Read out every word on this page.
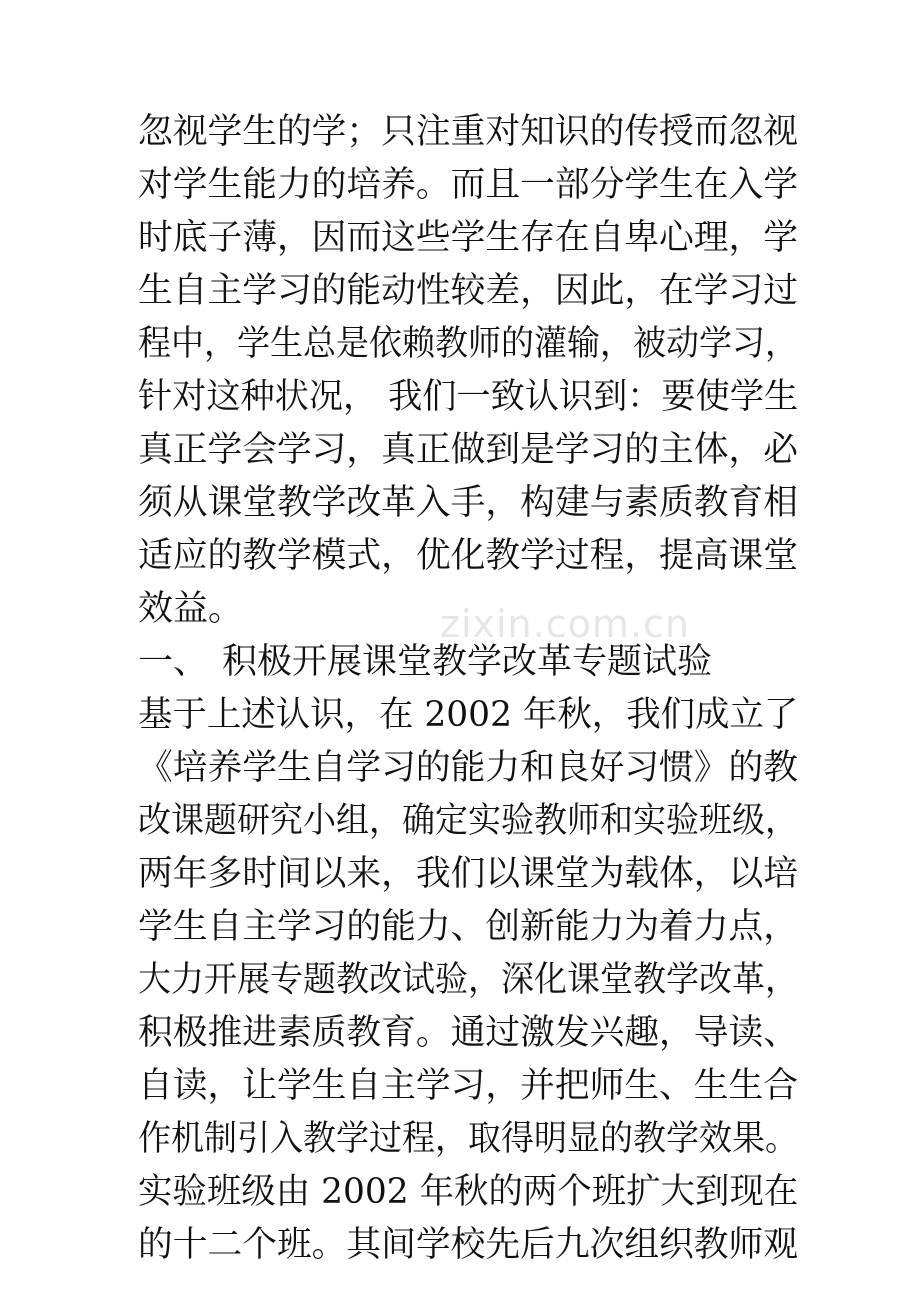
忽视学生的学；只注重对知识的传授而忽视
对学生能力的培养。而且一部分学生在入学
时底子薄，因而这些学生存在自卑心理，学
生自主学习的能动性较差，因此，在学习过
程中，学生总是依赖教师的灌输，被动学习，
针对这种状况， 我们一致认识到：要使学生
真正学会学习，真正做到是学习的主体，必
须从课堂教学改革入手，构建与素质教育相
适应的教学模式，优化教学过程，提高课堂
效益。
一、 积极开展课堂教学改革专题试验
基于上述认识，在 2002 年秋，我们成立了
《培养学生自学习的能力和良好习惯》的教
改课题研究小组，确定实验教师和实验班级，
两年多时间以来，我们以课堂为载体，以培
学生自主学习的能力、创新能力为着力点，
大力开展专题教改试验，深化课堂教学改革，
积极推进素质教育。通过激发兴趣，导读、
自读，让学生自主学习，并把师生、生生合
作机制引入教学过程，取得明显的教学效果。
实验班级由 2002 年秋的两个班扩大到现在
的十二个班。其间学校先后九次组织教师观
zixin.com.cn
